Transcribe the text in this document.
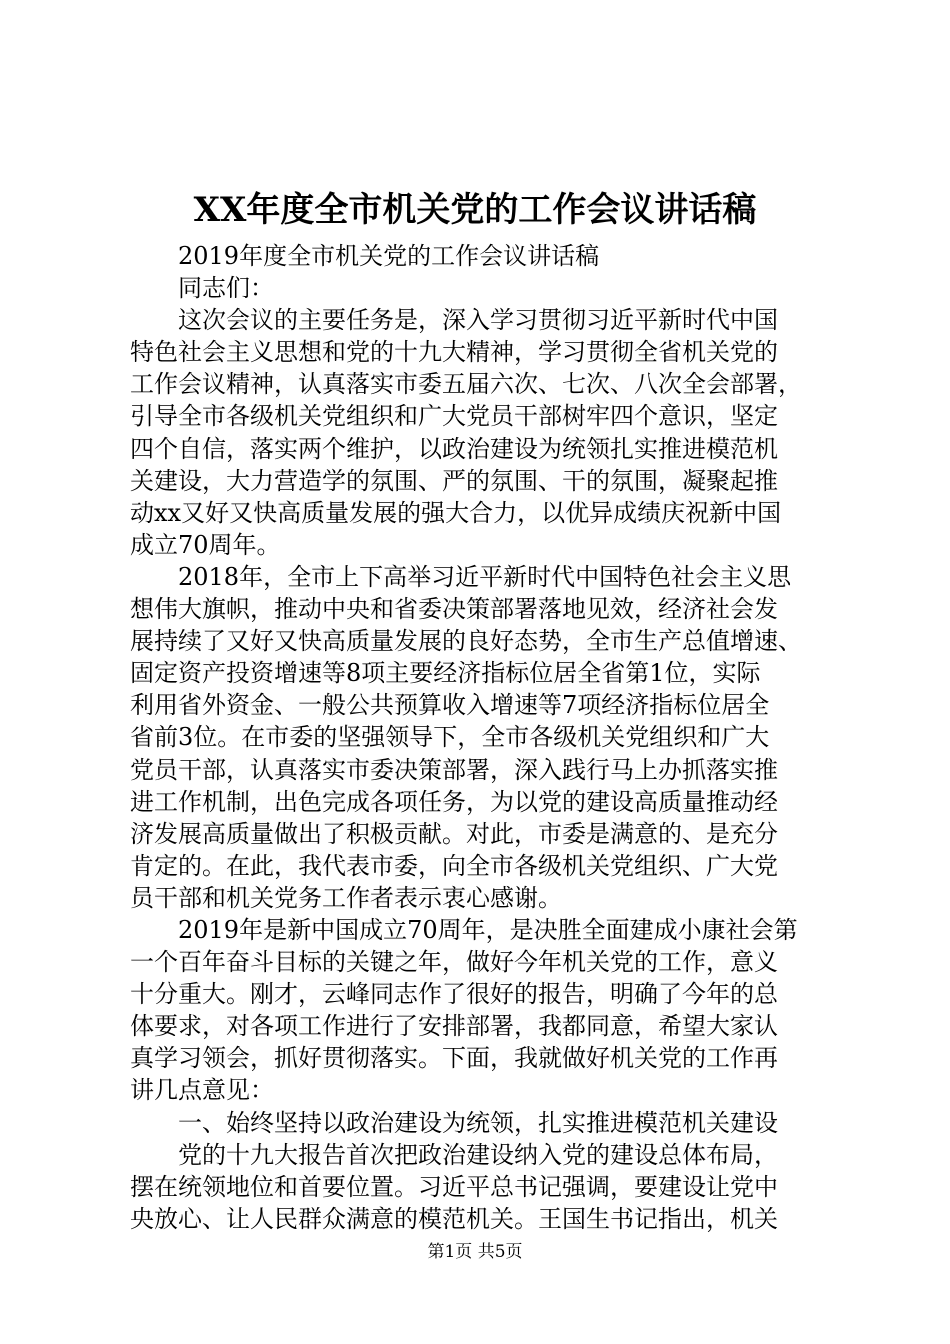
XX年度全市机关党的工作会议讲话稿
2019年度全市机关党的工作会议讲话稿
同志们：
这次会议的主要任务是，深入学习贯彻习近平新时代中国
特色社会主义思想和党的十九大精神，学习贯彻全省机关党的
工作会议精神，认真落实市委五届六次、七次、八次全会部署，
引导全市各级机关党组织和广大党员干部树牢四个意识，坚定
四个自信，落实两个维护，以政治建设为统领扎实推进模范机
关建设，大力营造学的氛围、严的氛围、干的氛围，凝聚起推
动xx又好又快高质量发展的强大合力，以优异成绩庆祝新中国
成立70周年。
2018年，全市上下高举习近平新时代中国特色社会主义思
想伟大旗帜，推动中央和省委决策部署落地见效，经济社会发
展持续了又好又快高质量发展的良好态势，全市生产总值增速、
固定资产投资增速等8项主要经济指标位居全省第1位，实际
利用省外资金、一般公共预算收入增速等7项经济指标位居全
省前3位。在市委的坚强领导下，全市各级机关党组织和广大
党员干部，认真落实市委决策部署，深入践行马上办抓落实推
进工作机制，出色完成各项任务，为以党的建设高质量推动经
济发展高质量做出了积极贡献。对此，市委是满意的、是充分
肯定的。在此，我代表市委，向全市各级机关党组织、广大党
员干部和机关党务工作者表示衷心感谢。
2019年是新中国成立70周年，是决胜全面建成小康社会第
一个百年奋斗目标的关键之年，做好今年机关党的工作，意义
十分重大。刚才，云峰同志作了很好的报告，明确了今年的总
体要求，对各项工作进行了安排部署，我都同意，希望大家认
真学习领会，抓好贯彻落实。下面，我就做好机关党的工作再
讲几点意见：
一、始终坚持以政治建设为统领，扎实推进模范机关建设
党的十九大报告首次把政治建设纳入党的建设总体布局，
摆在统领地位和首要位置。习近平总书记强调，要建设让党中
央放心、让人民群众满意的模范机关。王国生书记指出，机关
第1页 共5页
